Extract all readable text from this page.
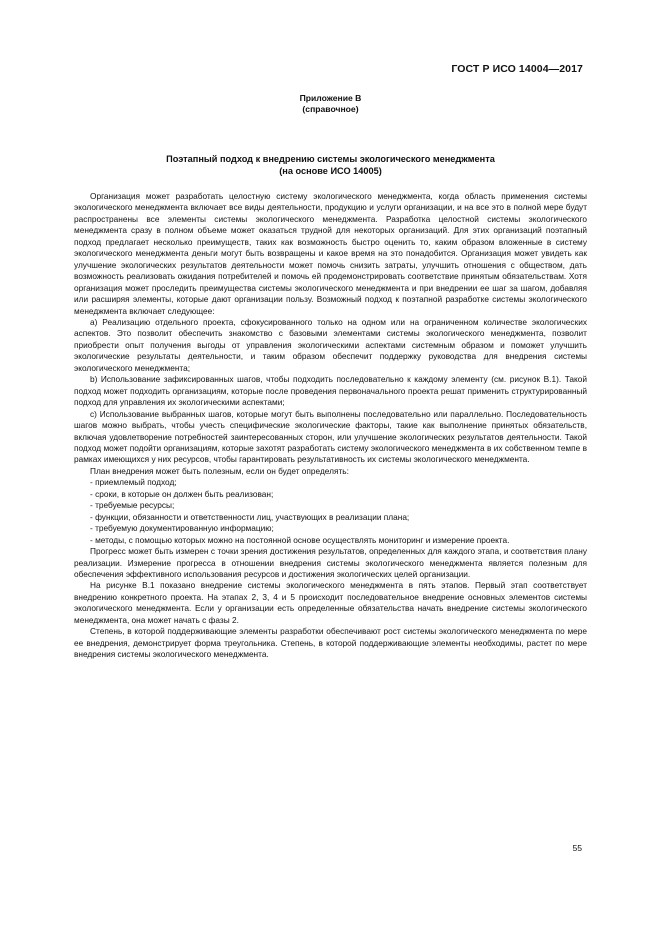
ГОСТ Р ИСО 14004—2017
Приложение В
(справочное)
Поэтапный подход к внедрению системы экологического менеджмента
(на основе ИСО 14005)

Организация может разработать целостную систему экологического менеджмента, когда область применения системы экологического менеджмента включает все виды деятельности, продукцию и услуги организации, и на все это в полной мере будут распространены все элементы системы экологического менеджмента. Разработка целостной системы экологического менеджмента сразу в полном объеме может оказаться трудной для некоторых организаций. Для этих организаций поэтапный подход предлагает несколько преимуществ, таких как возможность быстро оценить то, каким образом вложенные в систему экологического менеджмента деньги могут быть возвращены и какое время на это понадобится. Организация может увидеть как улучшение экологических результатов деятельности может помочь снизить затраты, улучшить отношения с обществом, дать возможность реализовать ожидания потребителей и помочь ей продемонстрировать соответствие принятым обязательствам. Хотя организация может проследить преимущества системы экологического менеджмента и при внедрении ее шаг за шагом, добавляя или расширяя элементы, которые дают организации пользу. Возможный подход к поэтапной разработке системы экологического менеджмента включает следующее:

a) Реализацию отдельного проекта, сфокусированного только на одном или на ограниченном количестве экологических аспектов. Это позволит обеспечить знакомство с базовыми элементами системы экологического менеджмента, позволит приобрести опыт получения выгоды от управления экологическими аспектами системным образом и поможет улучшить экологические результаты деятельности, и таким образом обеспечит поддержку руководства для внедрения системы экологического менеджмента;

b) Использование зафиксированных шагов, чтобы подходить последовательно к каждому элементу (см. рисунок В.1). Такой подход может подходить организациям, которые после проведения первоначального проекта решат применить структурированный подход для управления их экологическими аспектами;

c) Использование выбранных шагов, которые могут быть выполнены последовательно или параллельно. Последовательность шагов можно выбрать, чтобы учесть специфические экологические факторы, такие как выполнение принятых обязательств, включая удовлетворение потребностей заинтересованных сторон, или улучшение экологических результатов деятельности. Такой подход может подойти организациям, которые захотят разработать систему экологического менеджмента в их собственном темпе в рамках имеющихся у них ресурсов, чтобы гарантировать результативность их системы экологического менеджмента.

План внедрения может быть полезным, если он будет определять:

- приемлемый подход;
- сроки, в которые он должен быть реализован;
- требуемые ресурсы;
- функции, обязанности и ответственности лиц, участвующих в реализации плана;
- требуемую документированную информацию;
- методы, с помощью которых можно на постоянной основе осуществлять мониторинг и измерение проекта.

Прогресс может быть измерен с точки зрения достижения результатов, определенных для каждого этапа, и соответствия плану реализации. Измерение прогресса в отношении внедрения системы экологического менеджмента является полезным для обеспечения эффективного использования ресурсов и достижения экологических целей организации.

На рисунке В.1 показано внедрение системы экологического менеджмента в пять этапов. Первый этап соответствует внедрению конкретного проекта. На этапах 2, 3, 4 и 5 происходит последовательное внедрение основных элементов системы экологического менеджмента. Если у организации есть определенные обязательства начать внедрение системы экологического менеджмента, она может начать с фазы 2.

Степень, в которой поддерживающие элементы разработки обеспечивают рост системы экологического менеджмента по мере ее внедрения, демонстрирует форма треугольника. Степень, в которой поддерживающие элементы необходимы, растет по мере внедрения системы экологического менеджмента.

55
